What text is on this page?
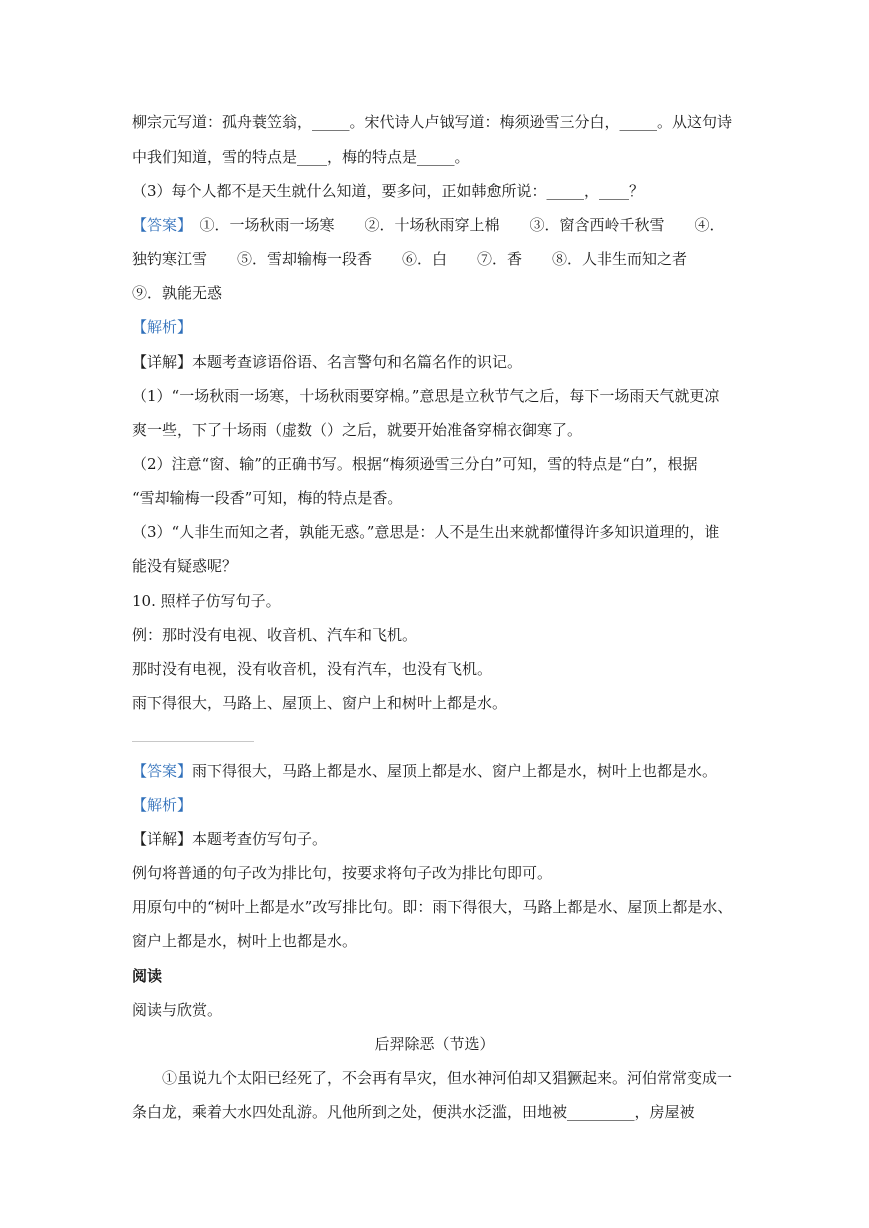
柳宗元写道：孤舟蓑笠翁，_____。宋代诗人卢钺写道：梅须逊雪三分白，_____。从这句诗
中我们知道，雪的特点是____，梅的特点是_____。
（3）每个人都不是天生就什么知道，要多问，正如韩愈所说：_____，____？
【答案】　①．一场秋雨一场寒　　②．十场秋雨穿上棉　　③．窗含西岭千秋雪　　④．
独钓寒江雪　　⑤．雪却输梅一段香　　⑥．白　　⑦．香　　⑧．人非生而知之者
⑨．孰能无惑
【解析】
【详解】本题考查谚语俗语、名言警句和名篇名作的识记。
（1）“一场秋雨一场寒，十场秋雨要穿棉。”意思是立秋节气之后，每下一场雨天气就更凉
爽一些，下了十场雨（虚数（）之后，就要开始准备穿棉衣御寒了。
（2）注意“窗、输”的正确书写。根据“梅须逊雪三分白”可知，雪的特点是“白”，根据
“雪却输梅一段香”可知，梅的特点是香。
（3）“人非生而知之者，孰能无惑。”意思是：人不是生出来就都懂得许多知识道理的，谁
能没有疑惑呢？
10. 照样子仿写句子。
例：那时没有电视、收音机、汽车和飞机。
那时没有电视，没有收音机，没有汽车，也没有飞机。
雨下得很大，马路上、屋顶上、窗户上和树叶上都是水。
【答案】雨下得很大，马路上都是水、屋顶上都是水、窗户上都是水，树叶上也都是水。
【解析】
【详解】本题考查仿写句子。
例句将普通的句子改为排比句，按要求将句子改为排比句即可。
用原句中的“树叶上都是水”改写排比句。即：雨下得很大，马路上都是水、屋顶上都是水、
窗户上都是水，树叶上也都是水。
阅读
阅读与欣赏。
　　①虽说九个太阳已经死了，不会再有旱灾，但水神河伯却又猖獗起来。河伯常常变成一
条白龙，乘着大水四处乱游。凡他所到之处，便洪水泛滥，田地被_________，房屋被
后羿除恶（节选）
